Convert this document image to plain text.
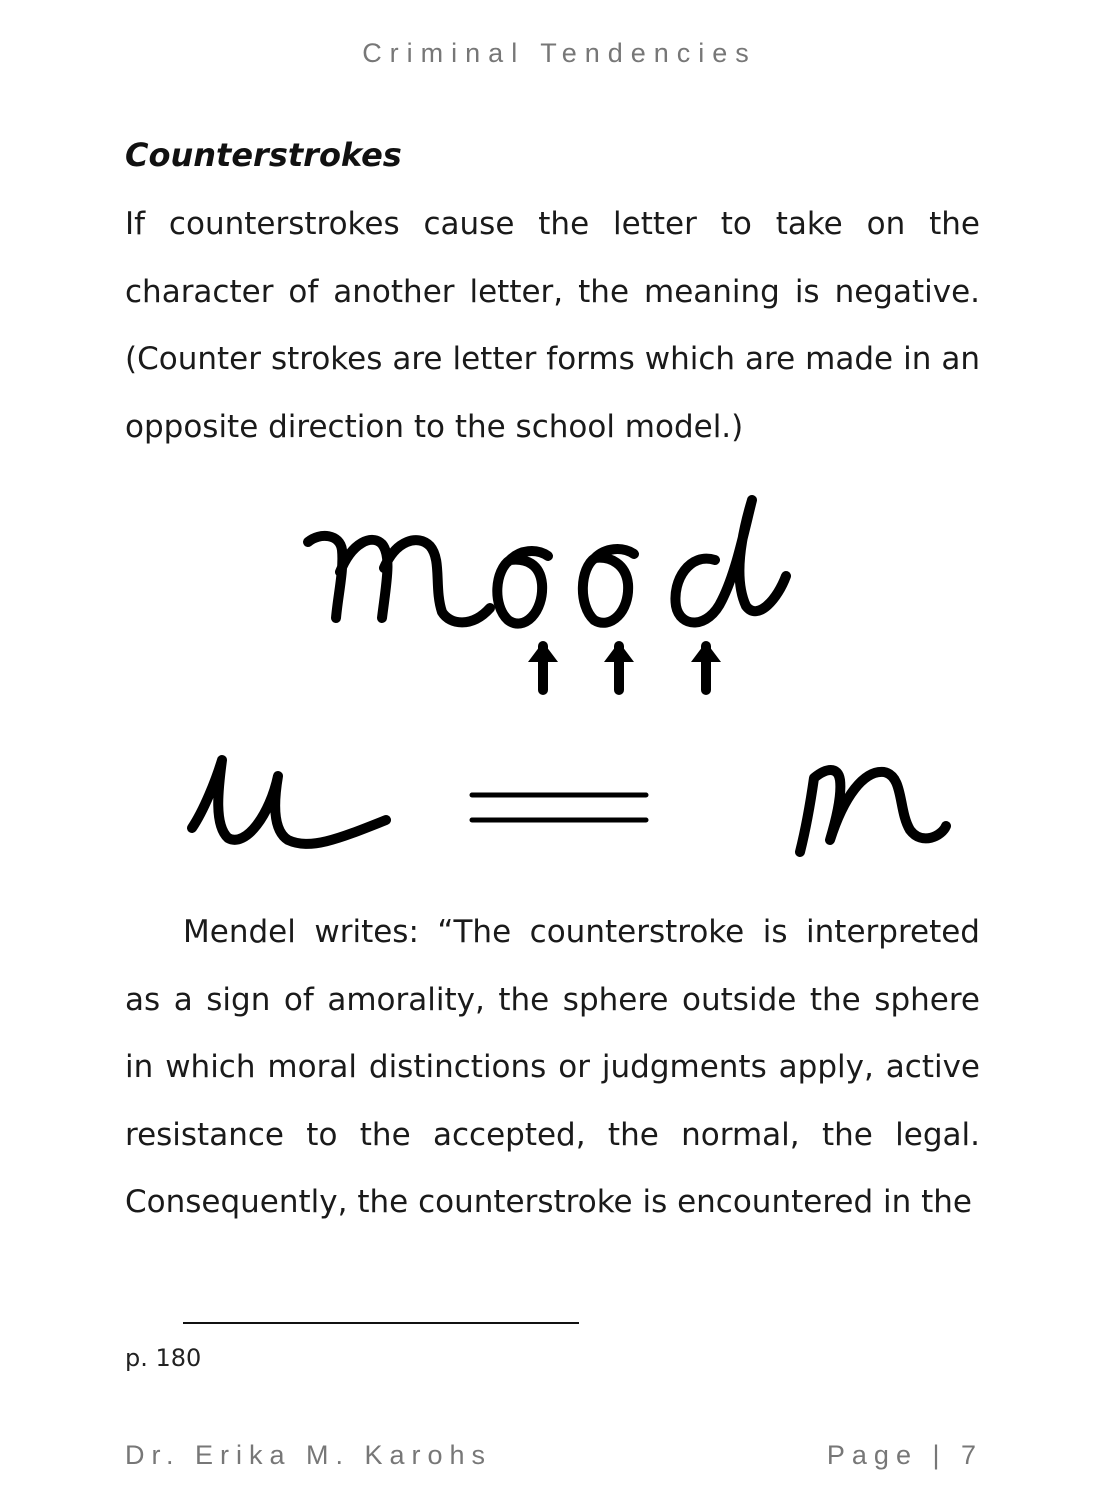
Criminal Tendencies
Counterstrokes
If counterstrokes cause the letter to take on the character of another letter, the meaning is negative. (Counter strokes are letter forms which are made in an opposite direction to the school model.)
Mendel writes: “The counterstroke is interpreted as a sign of amorality, the sphere outside the sphere in which moral distinctions or judgments apply, active resistance to the accepted, the normal, the legal. Consequently, the counterstroke is encountered in the
p. 180
Dr. Erika M. Karohs	Page | 7
